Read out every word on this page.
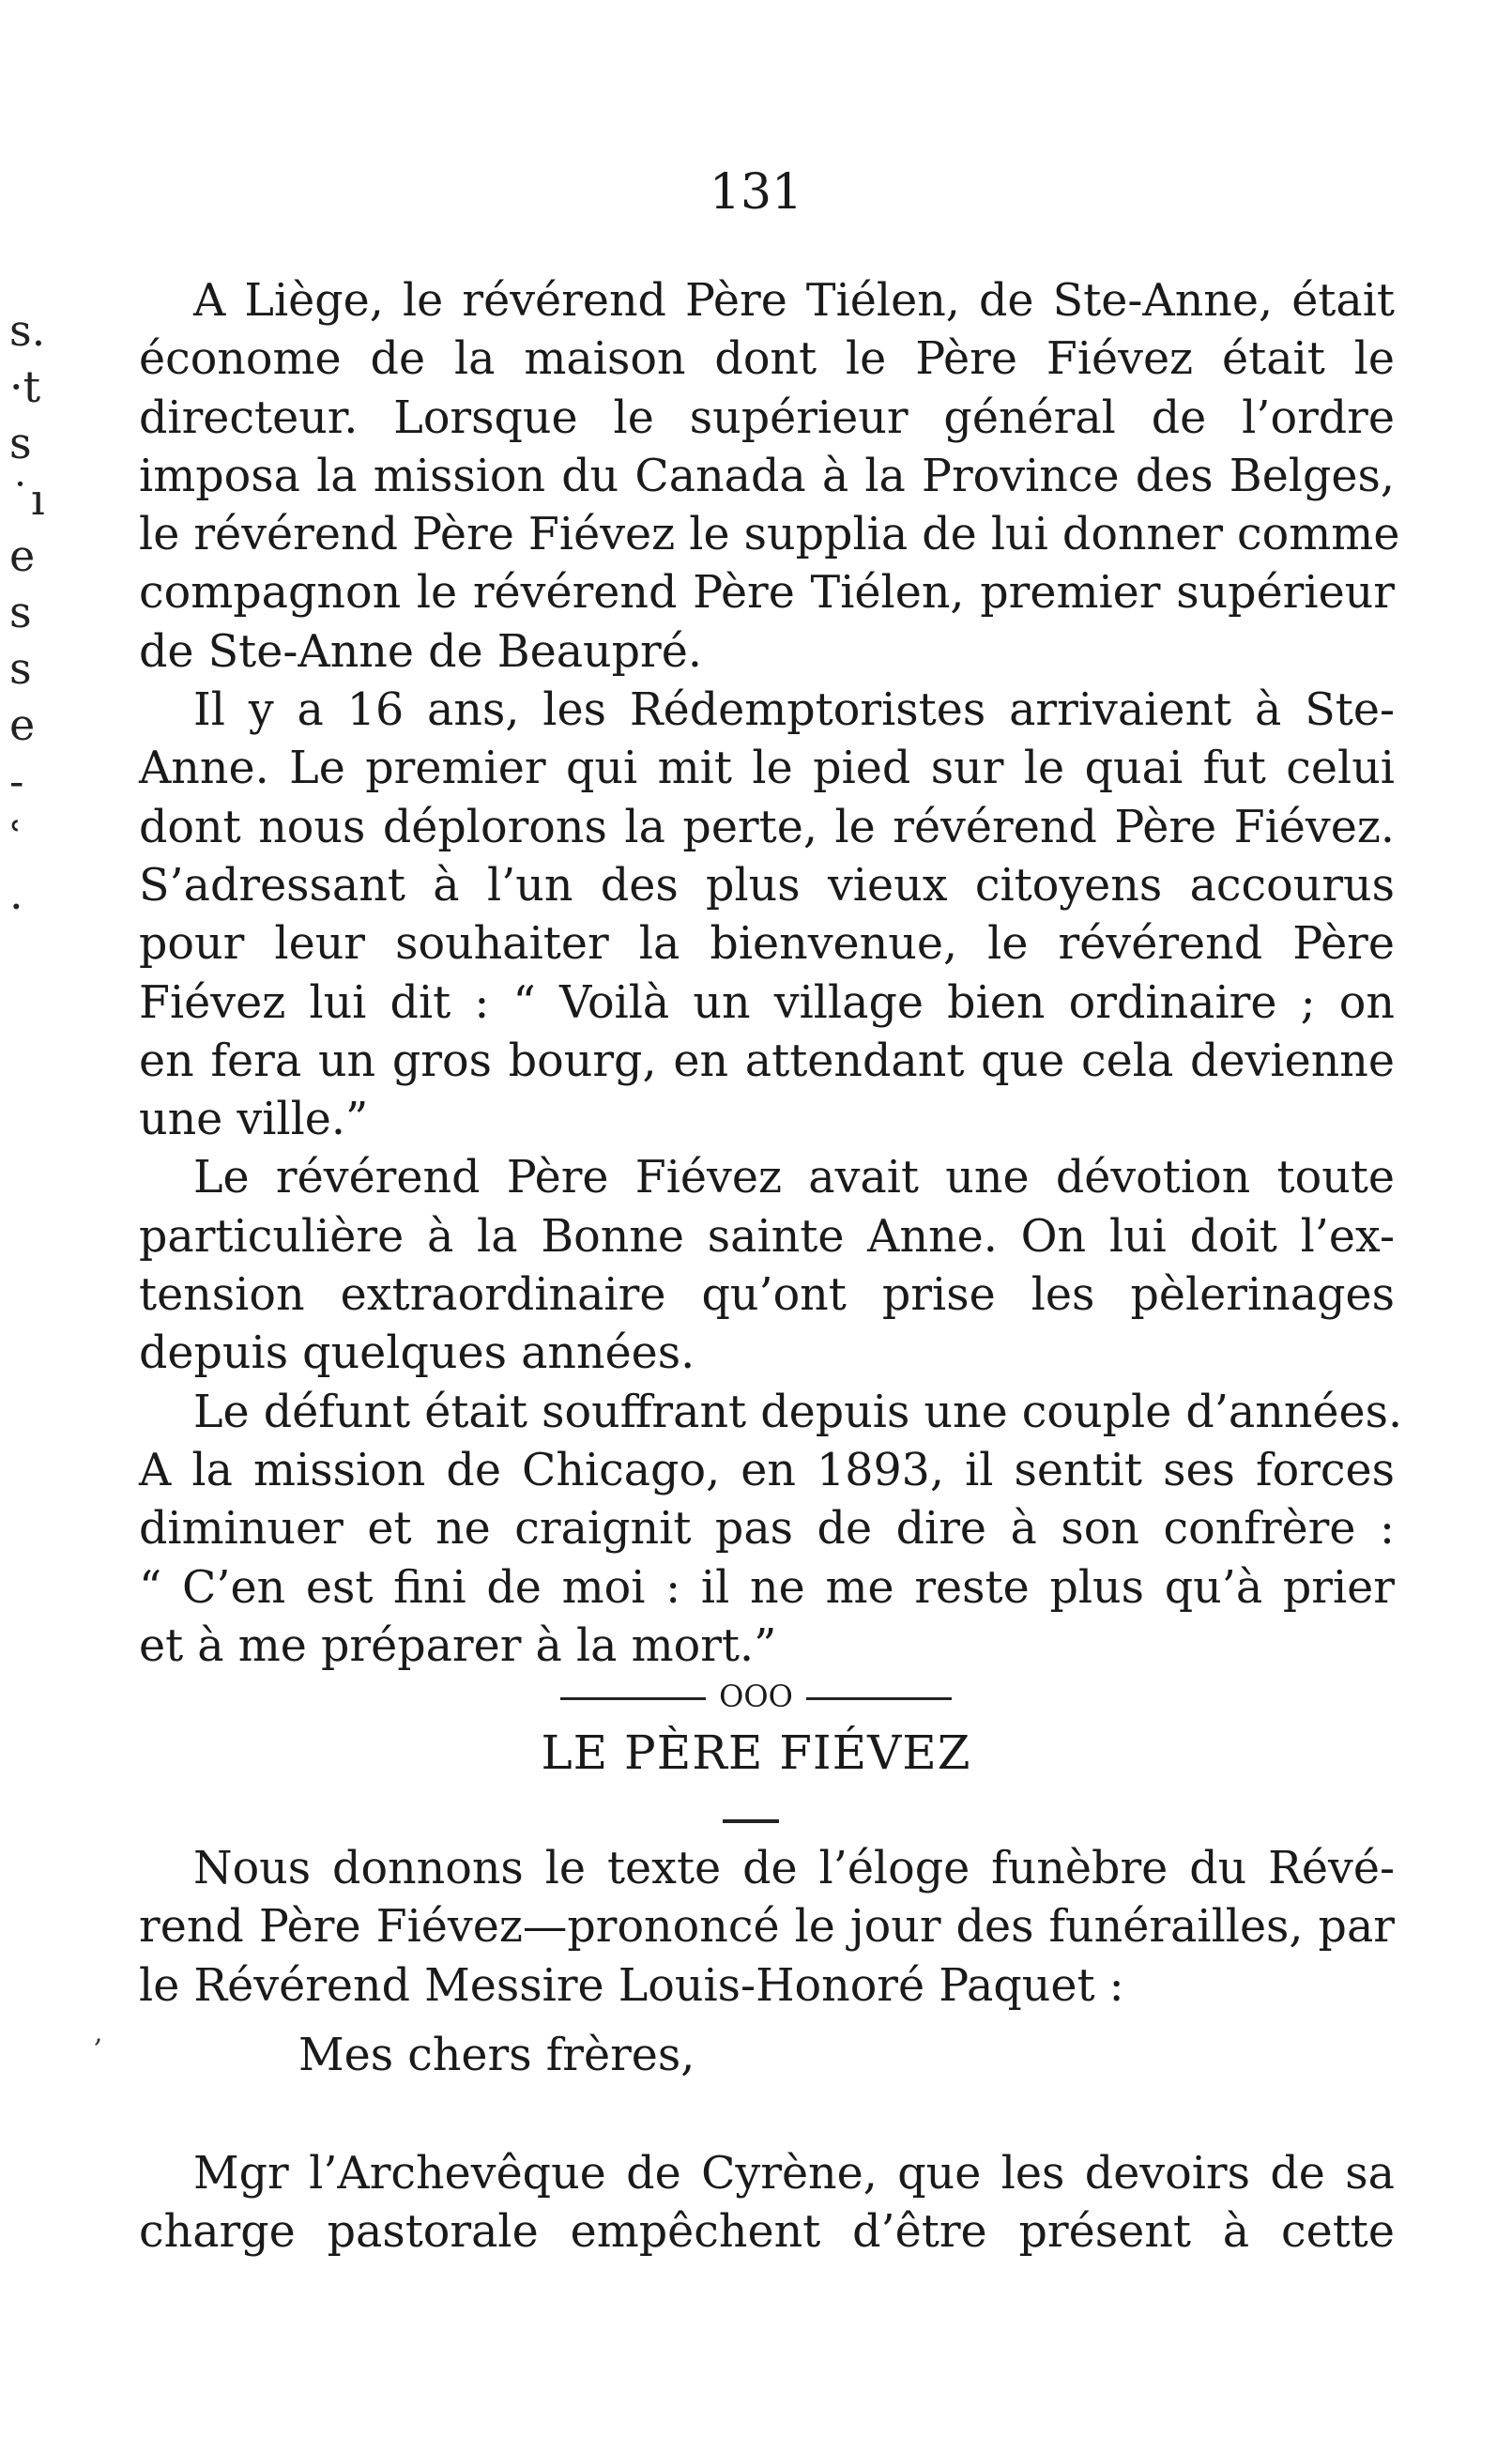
131
s.
·t
s
˙ı
e
s
s
e
-
ʿ
.
A Liège, le révérend Père Tiélen, de Ste-Anne, était
économe de la maison dont le Père Fiévez était le
directeur. Lorsque le supérieur général de l’ordre
imposa la mission du Canada à la Province des Belges,
le révérend Père Fiévez le supplia de lui donner comme
compagnon le révérend Père Tiélen, premier supérieur
de Ste-Anne de Beaupré.
Il y a 16 ans, les Rédemptoristes arrivaient à Ste-
Anne. Le premier qui mit le pied sur le quai fut celui
dont nous déplorons la perte, le révérend Père Fiévez.
S’adressant à l’un des plus vieux citoyens accourus
pour leur souhaiter la bienvenue, le révérend Père
Fiévez lui dit : “ Voilà un village bien ordinaire ; on
en fera un gros bourg, en attendant que cela devienne
une ville.”
Le révérend Père Fiévez avait une dévotion toute
particulière à la Bonne sainte Anne. On lui doit l’ex-
tension extraordinaire qu’ont prise les pèlerinages
depuis quelques années.
Le défunt était souffrant depuis une couple d’années.
A la mission de Chicago, en 1893, il sentit ses forces
diminuer et ne craignit pas de dire à son confrère :
“ C’en est fini de moi : il ne me reste plus qu’à prier
et à me préparer à la mort.”
OOO
LE PÈRE FIÉVEZ
Nous donnons le texte de l’éloge funèbre du Révé-
rend Père Fiévez—prononcé le jour des funérailles, par
le Révérend Messire Louis-Honoré Paquet :
Mes chers frères,
Mgr l’Archevêque de Cyrène, que les devoirs de sa
charge pastorale empêchent d’être présent à cette
,
